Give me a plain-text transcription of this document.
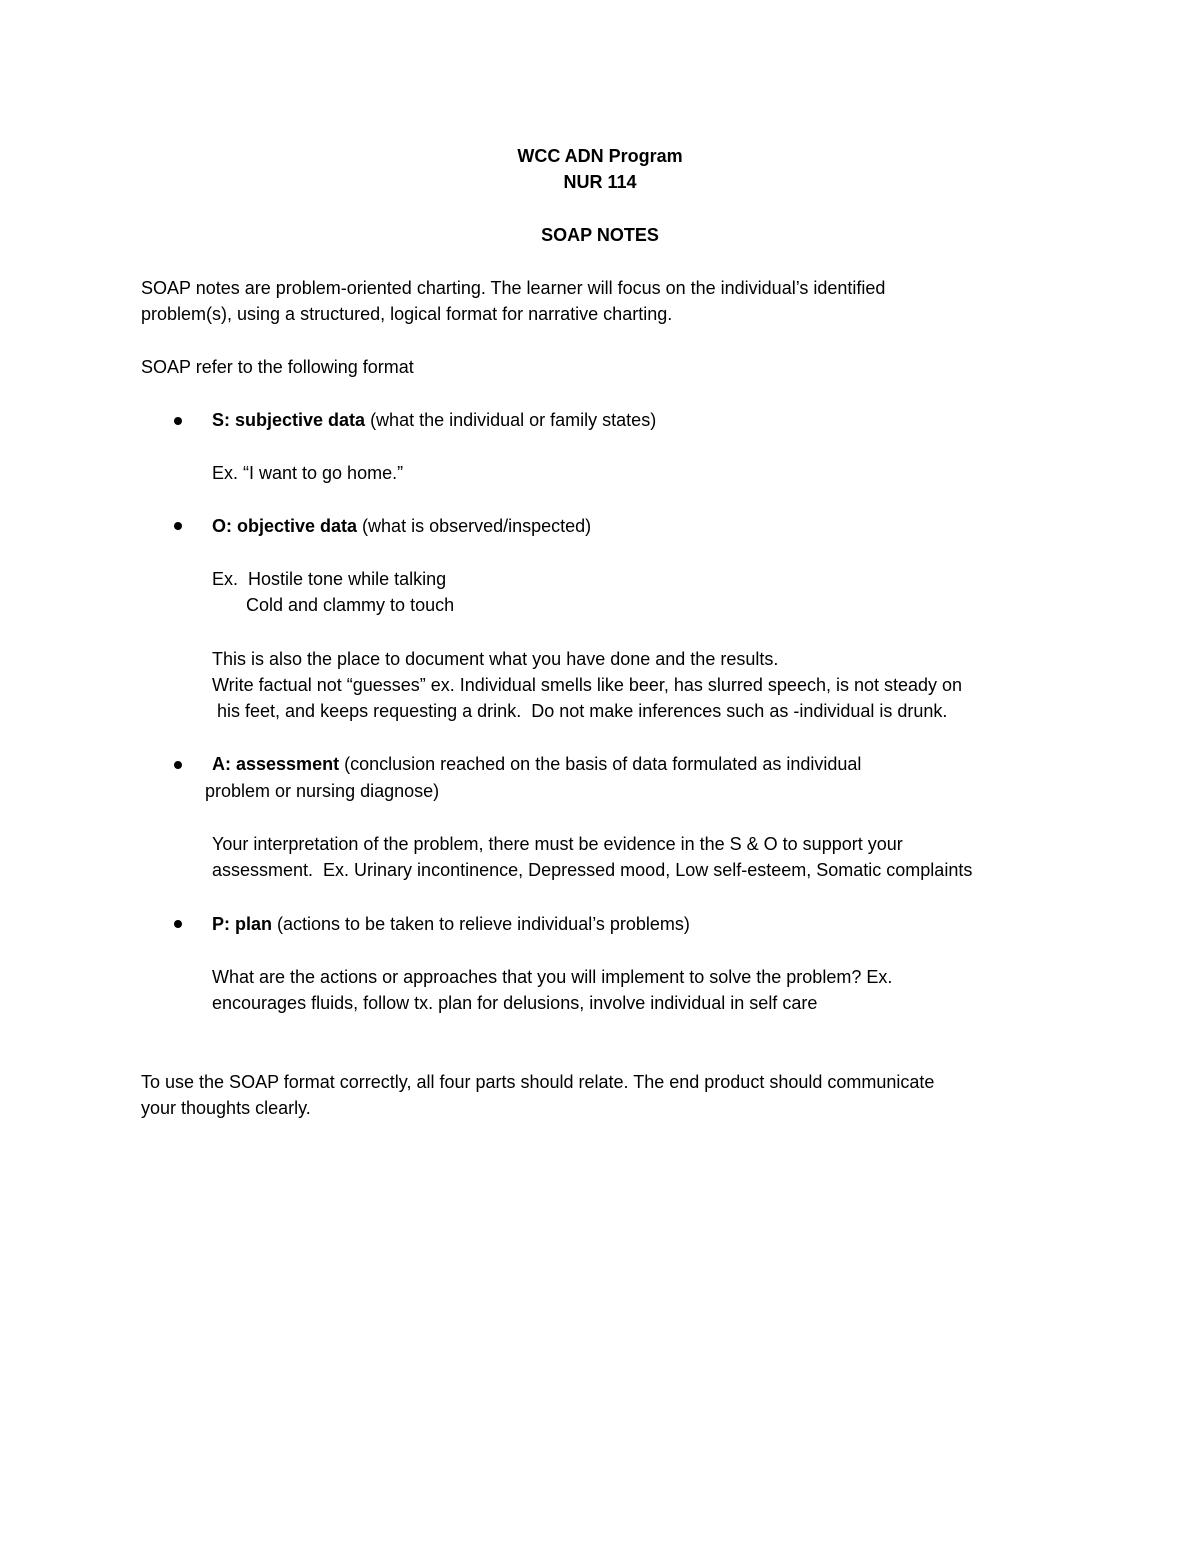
WCC ADN Program
NUR 114
SOAP NOTES
SOAP notes are problem-oriented charting. The learner will focus on the individual’s identified
problem(s), using a structured, logical format for narrative charting.
SOAP refer to the following format
S: subjective data (what the individual or family states)
Ex. “I want to go home.”
O: objective data (what is observed/inspected)
Ex.  Hostile tone while talking
Cold and clammy to touch
This is also the place to document what you have done and the results.
Write factual not “guesses” ex. Individual smells like beer, has slurred speech, is not steady on
his feet, and keeps requesting a drink.  Do not make inferences such as -individual is drunk.
A: assessment (conclusion reached on the basis of data formulated as individual
problem or nursing diagnose)
Your interpretation of the problem, there must be evidence in the S & O to support your
assessment.  Ex. Urinary incontinence, Depressed mood, Low self-esteem, Somatic complaints
P: plan (actions to be taken to relieve individual’s problems)
What are the actions or approaches that you will implement to solve the problem? Ex.
encourages fluids, follow tx. plan for delusions, involve individual in self care
To use the SOAP format correctly, all four parts should relate. The end product should communicate
your thoughts clearly.
